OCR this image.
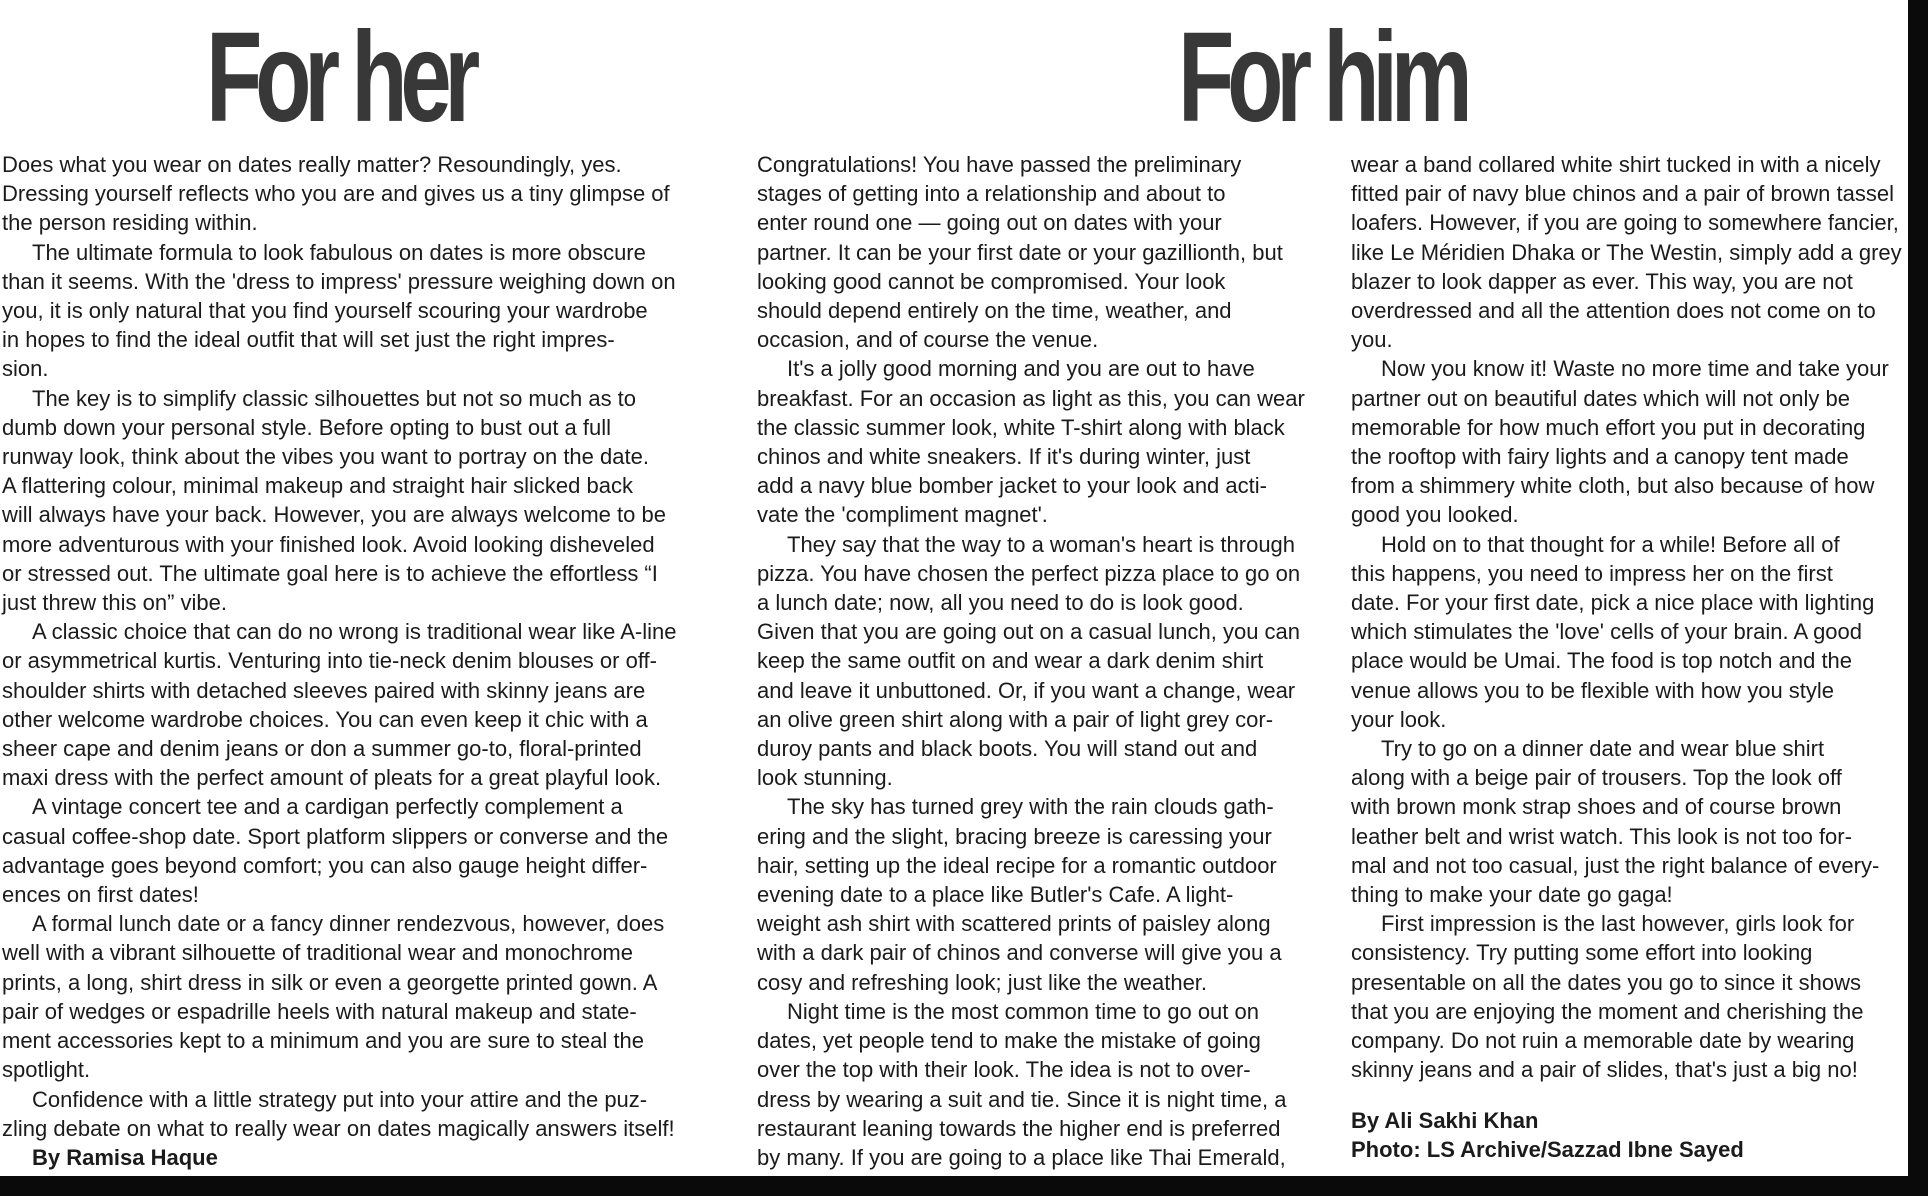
For her	For him

Does what you wear on dates really matter? Resoundingly, yes.
Dressing yourself reflects who you are and gives us a tiny glimpse of
the person residing within.

The ultimate formula to look fabulous on dates is more obscure
than it seems. With the 'dress to impress' pressure weighing down on
you, it is only natural that you find yourself scouring your wardrobe
in hopes to find the ideal outfit that will set just the right impres-
sion.

The key is to simplify classic silhouettes but not so much as to
dumb down your personal style. Before opting to bust out a full
runway look, think about the vibes you want to portray on the date.
A flattering colour, minimal makeup and straight hair slicked back
will always have your back. However, you are always welcome to be
more adventurous with your finished look. Avoid looking disheveled
or stressed out. The ultimate goal here is to achieve the effortless “I
just threw this on” vibe.

A classic choice that can do no wrong is traditional wear like A-line
or asymmetrical kurtis. Venturing into tie-neck denim blouses or off-
shoulder shirts with detached sleeves paired with skinny jeans are
other welcome wardrobe choices. You can even keep it chic with a
sheer cape and denim jeans or don a summer go-to, floral-printed
maxi dress with the perfect amount of pleats for a great playful look.

A vintage concert tee and a cardigan perfectly complement a
casual coffee-shop date. Sport platform slippers or converse and the
advantage goes beyond comfort; you can also gauge height differ-
ences on first dates!

A formal lunch date or a fancy dinner rendezvous, however, does
well with a vibrant silhouette of traditional wear and monochrome
prints, a long, shirt dress in silk or even a georgette printed gown. A
pair of wedges or espadrille heels with natural makeup and state-
ment accessories kept to a minimum and you are sure to steal the
spotlight.

Confidence with a little strategy put into your attire and the puz-
zling debate on what to really wear on dates magically answers itself!

By Ramisa Haque

Congratulations! You have passed the preliminary
stages of getting into a relationship and about to
enter round one — going out on dates with your
partner. It can be your first date or your gazillionth, but
looking good cannot be compromised. Your look
should depend entirely on the time, weather, and
occasion, and of course the venue.

It's a jolly good morning and you are out to have
breakfast. For an occasion as light as this, you can wear
the classic summer look, white T-shirt along with black
chinos and white sneakers. If it's during winter, just
add a navy blue bomber jacket to your look and acti-
vate the 'compliment magnet'.

They say that the way to a woman's heart is through
pizza. You have chosen the perfect pizza place to go on
a lunch date; now, all you need to do is look good.
Given that you are going out on a casual lunch, you can
keep the same outfit on and wear a dark denim shirt
and leave it unbuttoned. Or, if you want a change, wear
an olive green shirt along with a pair of light grey cor-
duroy pants and black boots. You will stand out and
look stunning.

The sky has turned grey with the rain clouds gath-
ering and the slight, bracing breeze is caressing your
hair, setting up the ideal recipe for a romantic outdoor
evening date to a place like Butler's Cafe. A light-
weight ash shirt with scattered prints of paisley along
with a dark pair of chinos and converse will give you a
cosy and refreshing look; just like the weather.

Night time is the most common time to go out on
dates, yet people tend to make the mistake of going
over the top with their look. The idea is not to over-
dress by wearing a suit and tie. Since it is night time, a
restaurant leaning towards the higher end is preferred
by many. If you are going to a place like Thai Emerald,

wear a band collared white shirt tucked in with a nicely
fitted pair of navy blue chinos and a pair of brown tassel
loafers. However, if you are going to somewhere fancier,
like Le Méridien Dhaka or The Westin, simply add a grey
blazer to look dapper as ever. This way, you are not
overdressed and all the attention does not come on to
you.

Now you know it! Waste no more time and take your
partner out on beautiful dates which will not only be
memorable for how much effort you put in decorating
the rooftop with fairy lights and a canopy tent made
from a shimmery white cloth, but also because of how
good you looked.

Hold on to that thought for a while! Before all of
this happens, you need to impress her on the first
date. For your first date, pick a nice place with lighting
which stimulates the 'love' cells of your brain. A good
place would be Umai. The food is top notch and the
venue allows you to be flexible with how you style
your look.

Try to go on a dinner date and wear blue shirt
along with a beige pair of trousers. Top the look off
with brown monk strap shoes and of course brown
leather belt and wrist watch. This look is not too for-
mal and not too casual, just the right balance of every-
thing to make your date go gaga!

First impression is the last however, girls look for
consistency. Try putting some effort into looking
presentable on all the dates you go to since it shows
that you are enjoying the moment and cherishing the
company. Do not ruin a memorable date by wearing
skinny jeans and a pair of slides, that's just a big no!

By Ali Sakhi Khan

Photo: LS Archive/Sazzad Ibne Sayed
